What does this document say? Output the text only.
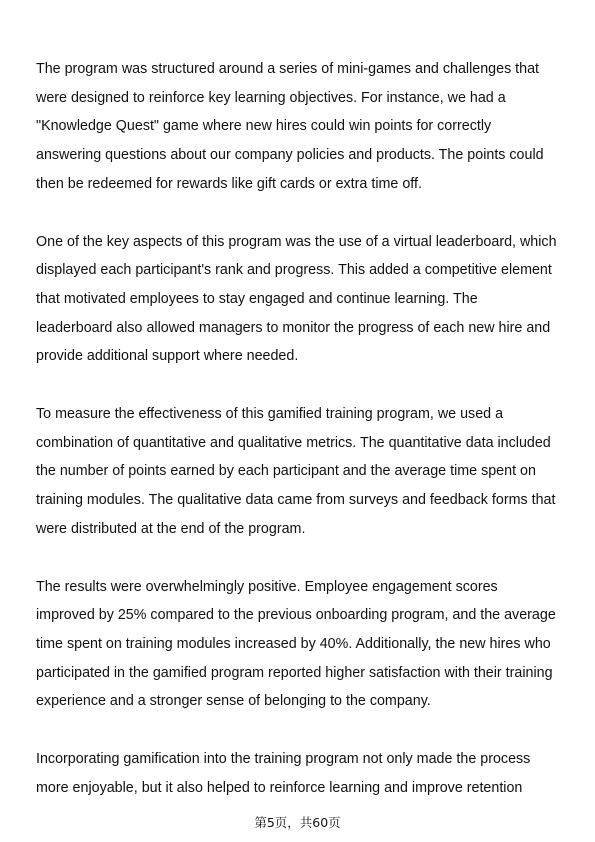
The program was structured around a series of mini-games and challenges that
were designed to reinforce key learning objectives. For instance, we had a
"Knowledge Quest" game where new hires could win points for correctly
answering questions about our company policies and products. The points could
then be redeemed for rewards like gift cards or extra time off.

One of the key aspects of this program was the use of a virtual leaderboard, which
displayed each participant's rank and progress. This added a competitive element
that motivated employees to stay engaged and continue learning. The
leaderboard also allowed managers to monitor the progress of each new hire and
provide additional support where needed.

To measure the effectiveness of this gamified training program, we used a
combination of quantitative and qualitative metrics. The quantitative data included
the number of points earned by each participant and the average time spent on
training modules. The qualitative data came from surveys and feedback forms that
were distributed at the end of the program.

The results were overwhelmingly positive. Employee engagement scores
improved by 25% compared to the previous onboarding program, and the average
time spent on training modules increased by 40%. Additionally, the new hires who
participated in the gamified program reported higher satisfaction with their training
experience and a stronger sense of belonging to the company.

Incorporating gamification into the training program not only made the process
more enjoyable, but it also helped to reinforce learning and improve retention

第5页，共60页
